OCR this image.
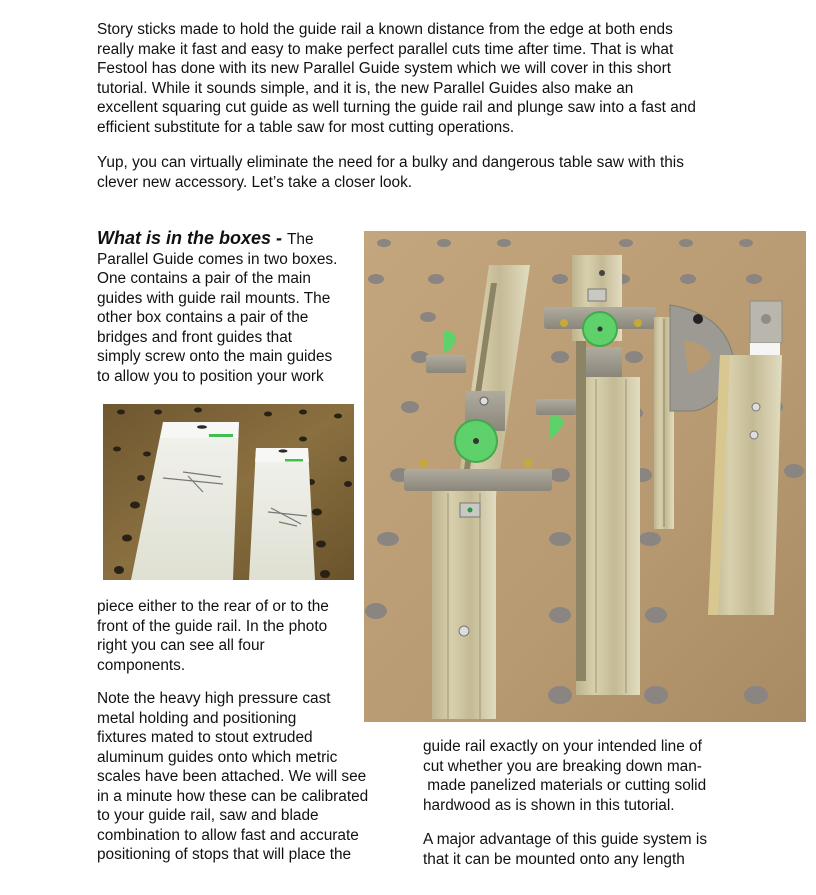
Story sticks made to hold the guide rail a known distance from the edge at both ends
really make it fast and easy to make perfect parallel cuts time after time. That is what
Festool has done with its new Parallel Guide system which we will cover in this short
tutorial. While it sounds simple, and it is, the new Parallel Guides also make an
excellent squaring cut guide as well turning the guide rail and plunge saw into a fast and
efficient substitute for a table saw for most cutting operations.

Yup, you can virtually eliminate the need for a bulky and dangerous table saw with this
clever new accessory. Let’s take a closer look.

What is in the boxes - The
Parallel Guide comes in two boxes.
One contains a pair of the main
guides with guide rail mounts. The
other box contains a pair of the
bridges and front guides that
simply screw onto the main guides
to allow you to position your work

piece either to the rear of or to the
front of the guide rail. In the photo
right you can see all four
components.

Note the heavy high pressure cast
metal holding and positioning
fixtures mated to stout extruded
aluminum guides onto which metric
scales have been attached. We will see
in a minute how these can be calibrated
to your guide rail, saw and blade
combination to allow fast and accurate
positioning of stops that will place the

guide rail exactly on your intended line of
cut whether you are breaking down man-
made panelized materials or cutting solid
hardwood as is shown in this tutorial.

A major advantage of this guide system is
that it can be mounted onto any length
